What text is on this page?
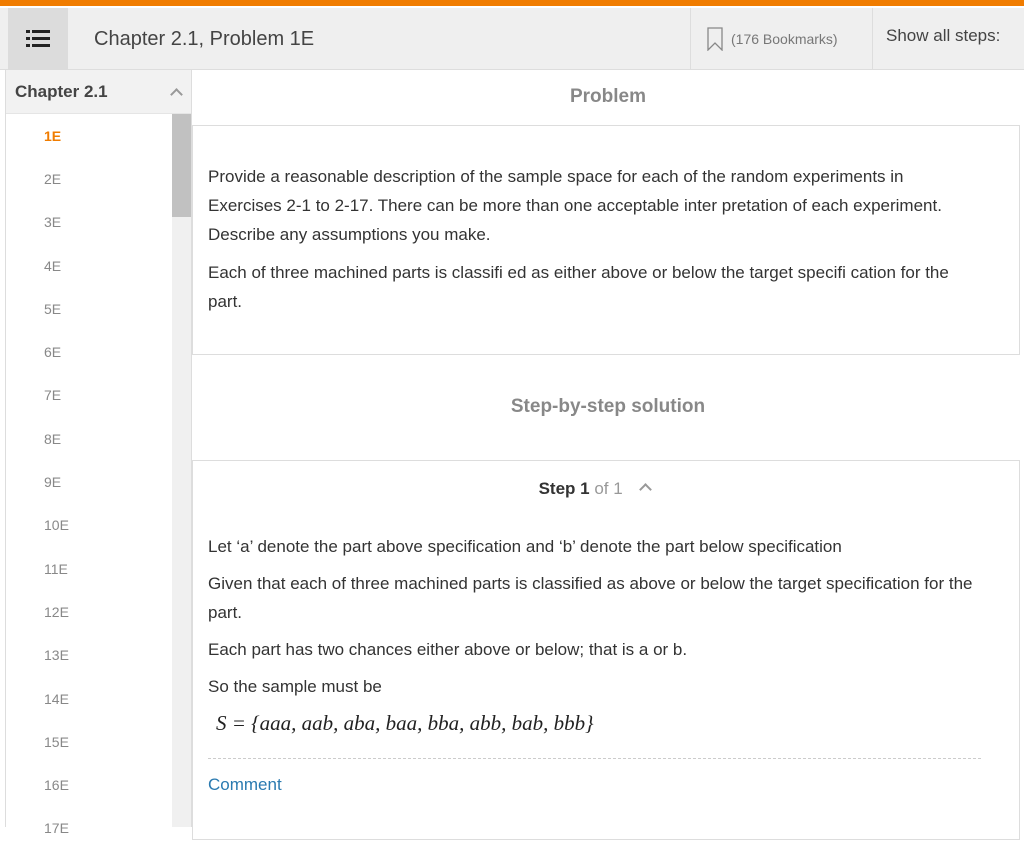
Chapter 2.1, Problem 1E	(176 Bookmarks)	Show all steps:
Chapter 2.1
1E
2E
3E
4E
5E
6E
7E
8E
9E
10E
11E
12E
13E
14E
15E
16E
17E
Problem

Provide a reasonable description of the sample space for each of the random experiments in Exercises 2-1 to 2-17. There can be more than one acceptable inter pretation of each experiment. Describe any assumptions you make.

Each of three machined parts is classifi ed as either above or below the target specifi cation for the part.

Step-by-step solution
Step 1 of 1

Let ‘a’ denote the part above specification and ‘b’ denote the part below specification

Given that each of three machined parts is classified as above or below the target specification for the part.

Each part has two chances either above or below; that is a or b.

So the sample must be

S = {aaa, aab, aba, baa, bba, abb, bab, bbb}

Comment
